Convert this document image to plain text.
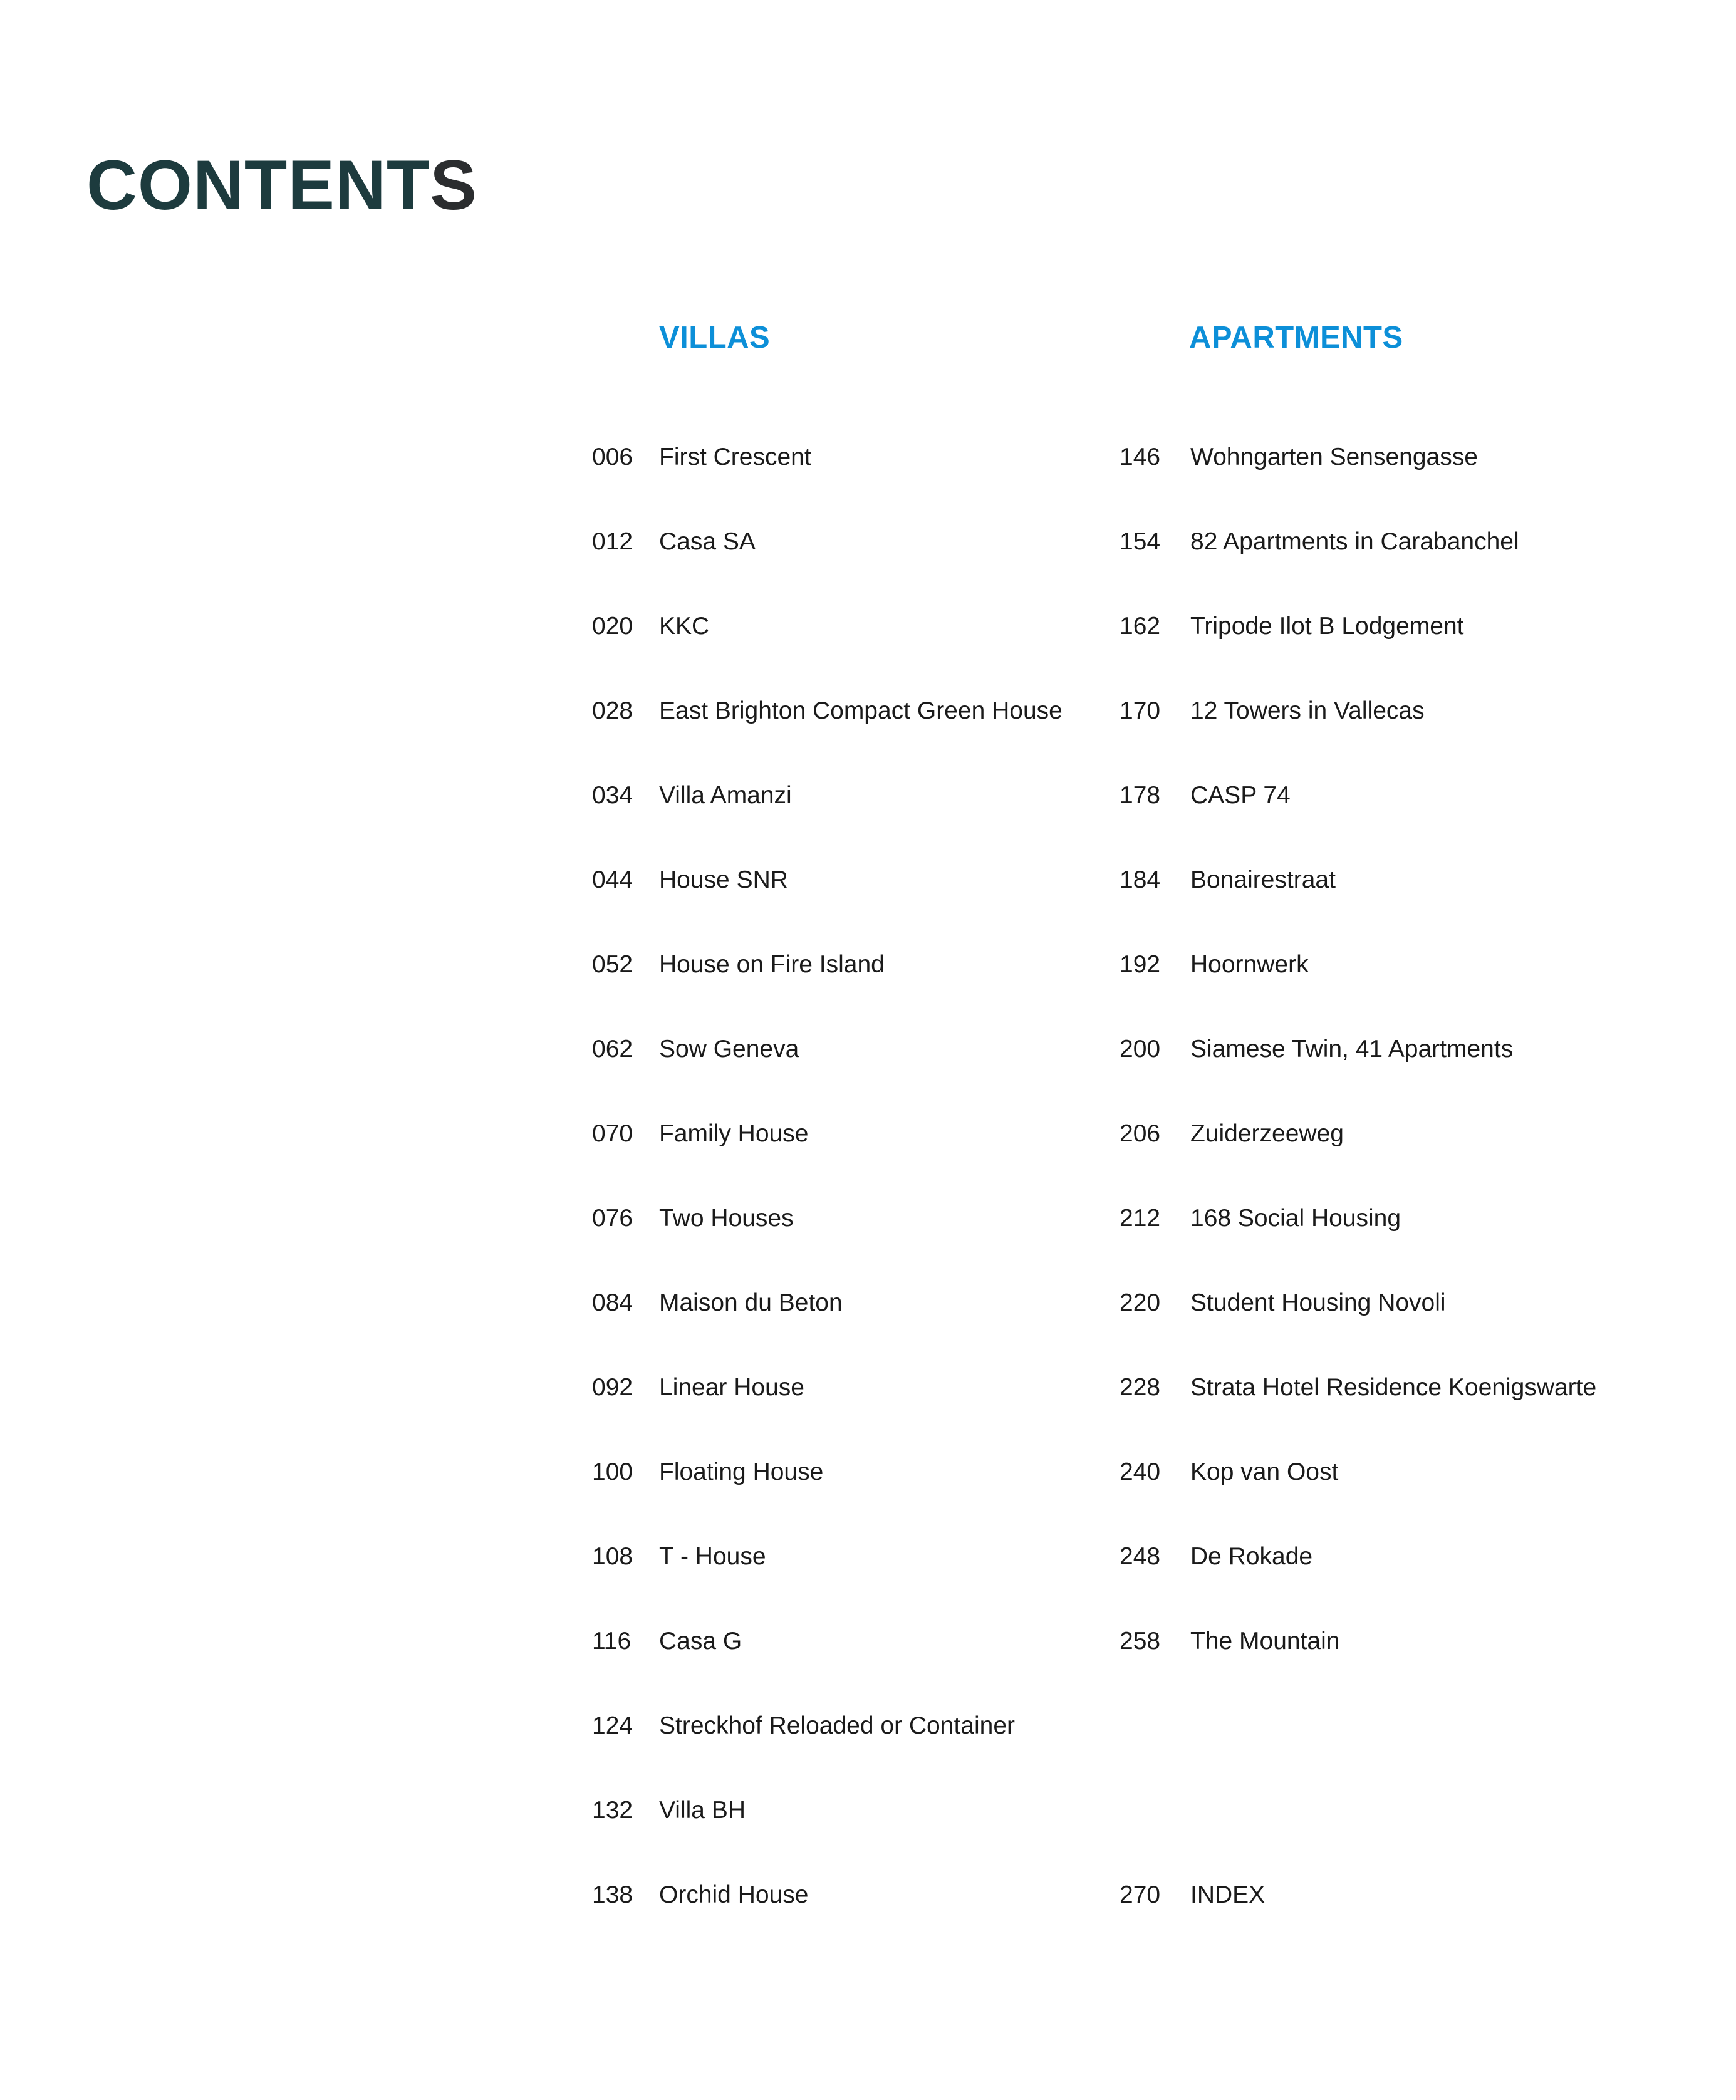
CONTENTS
VILLAS	APARTMENTS
006 First Crescent
012 Casa SA
020 KKC
028 East Brighton Compact Green House
034 Villa Amanzi
044 House SNR
052 House on Fire Island
062 Sow Geneva
070 Family House
076 Two Houses
084 Maison du Beton
092 Linear House
100 Floating House
108 T - House
116 Casa G
124 Streckhof Reloaded or Container
132 Villa BH
138 Orchid House
146 Wohngarten Sensengasse
154 82 Apartments in Carabanchel
162 Tripode Ilot B Lodgement
170 12 Towers in Vallecas
178 CASP 74
184 Bonairestraat
192 Hoornwerk
200 Siamese Twin, 41 Apartments
206 Zuiderzeeweg
212 168 Social Housing
220 Student Housing Novoli
228 Strata Hotel Residence Koenigswarte
240 Kop van Oost
248 De Rokade
258 The Mountain
270 INDEX
